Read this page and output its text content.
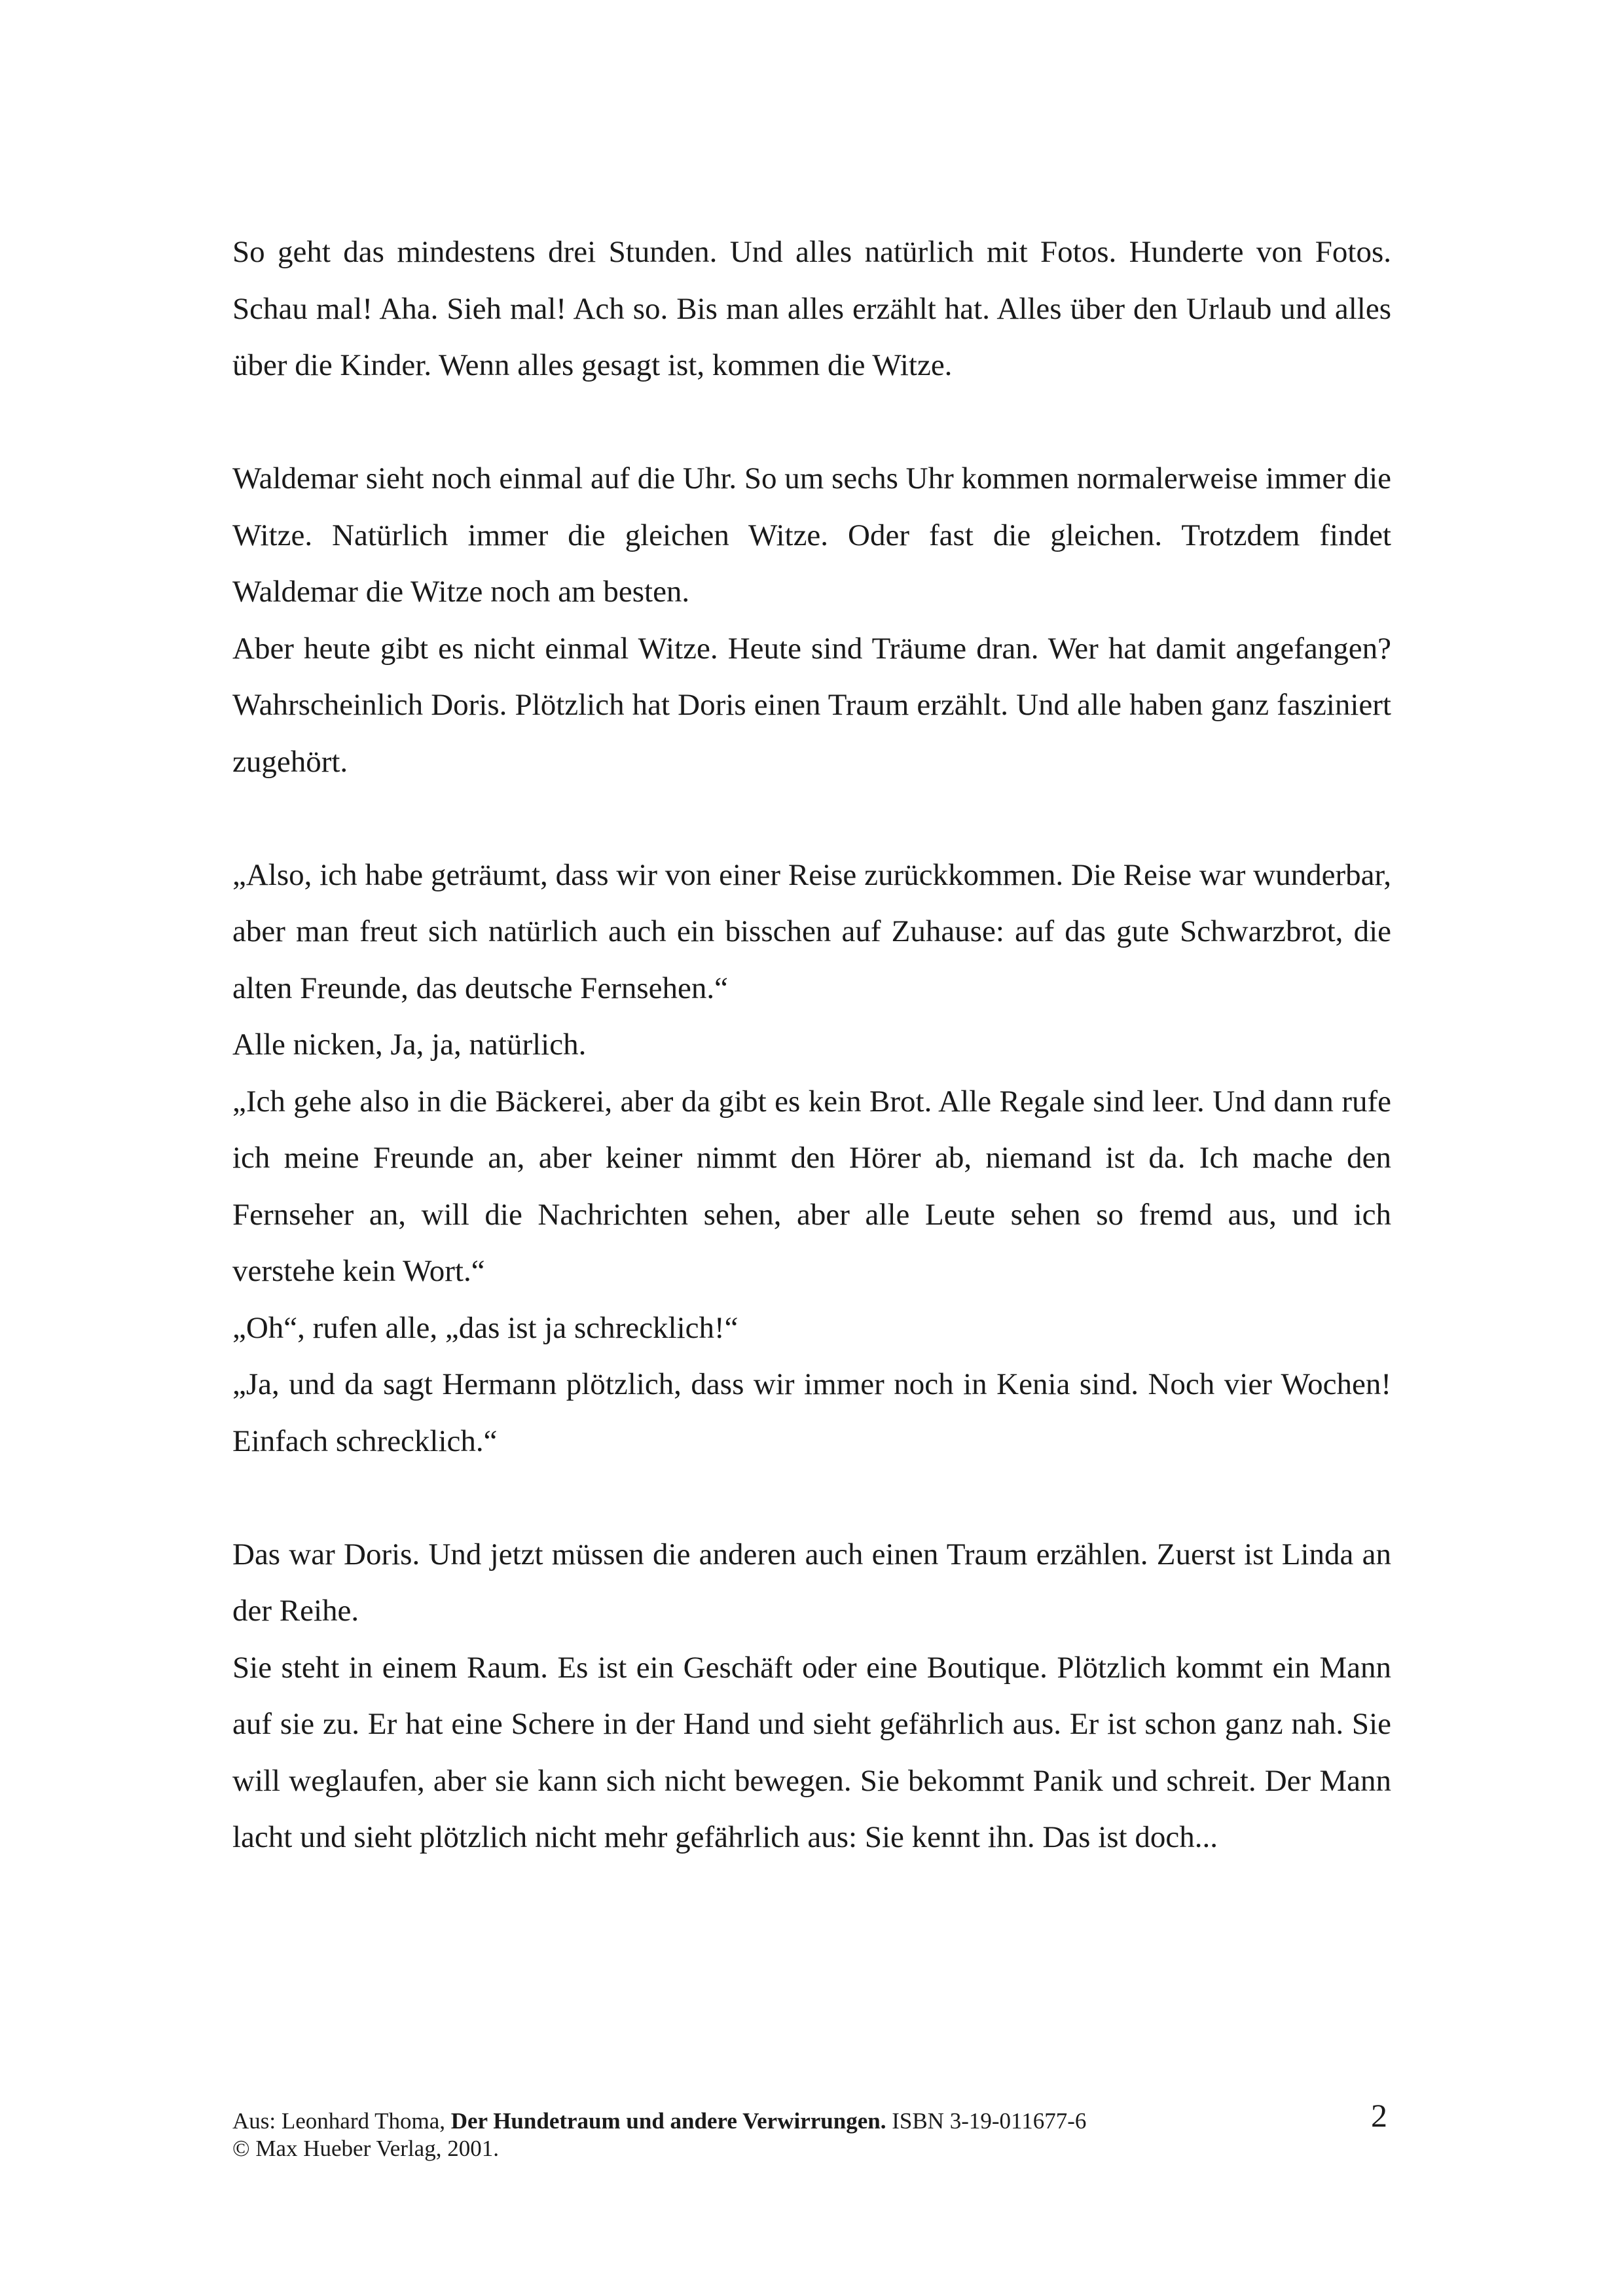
So geht das mindestens drei Stunden. Und alles natürlich mit Fotos. Hunderte von Fotos. Schau mal! Aha. Sieh mal! Ach so. Bis man alles erzählt hat. Alles über den Urlaub und alles über die Kinder. Wenn alles gesagt ist, kommen die Witze.

Waldemar sieht noch einmal auf die Uhr. So um sechs Uhr kommen normalerweise immer die Witze. Natürlich immer die gleichen Witze. Oder fast die gleichen. Trotzdem findet Waldemar die Witze noch am besten.

Aber heute gibt es nicht einmal Witze. Heute sind Träume dran. Wer hat damit angefangen? Wahrscheinlich Doris. Plötzlich hat Doris einen Traum erzählt. Und alle haben ganz fasziniert zugehört.

„Also, ich habe geträumt, dass wir von einer Reise zurückkommen. Die Reise war wunderbar, aber man freut sich natürlich auch ein bisschen auf Zuhause: auf das gute Schwarzbrot, die alten Freunde, das deutsche Fernsehen.“

Alle nicken, Ja, ja, natürlich.

„Ich gehe also in die Bäckerei, aber da gibt es kein Brot. Alle Regale sind leer. Und dann rufe ich meine Freunde an, aber keiner nimmt den Hörer ab, niemand ist da. Ich mache den Fernseher an, will die Nachrichten sehen, aber alle Leute sehen so fremd aus, und ich verstehe kein Wort.“

„Oh“, rufen alle, „das ist ja schrecklich!“

„Ja, und da sagt Hermann plötzlich, dass wir immer noch in Kenia sind. Noch vier Wochen! Einfach schrecklich.“

Das war Doris. Und jetzt müssen die anderen auch einen Traum erzählen. Zuerst ist Linda an der Reihe.

Sie steht in einem Raum. Es ist ein Geschäft oder eine Boutique. Plötzlich kommt ein Mann auf sie zu. Er hat eine Schere in der Hand und sieht gefährlich aus. Er ist schon ganz nah. Sie will weglaufen, aber sie kann sich nicht bewegen. Sie bekommt Panik und schreit. Der Mann lacht und sieht plötzlich nicht mehr gefährlich aus: Sie kennt ihn. Das ist doch...

Aus: Leonhard Thoma, Der Hundetraum und andere Verwirrungen. ISBN 3-19-011677-6
© Max Hueber Verlag, 2001.
2
